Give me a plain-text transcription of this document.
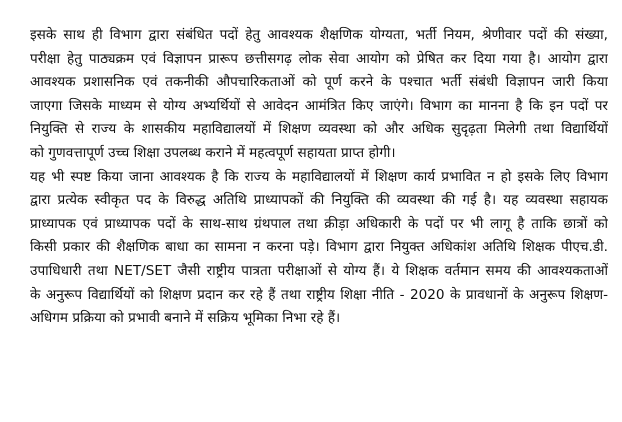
इसके साथ ही विभाग द्वारा संबंधित पदों हेतु आवश्यक शैक्षणिक योग्यता, भर्ती नियम, श्रेणीवार पदों की संख्या,
परीक्षा हेतु पाठ्यक्रम एवं विज्ञापन प्रारूप छत्तीसगढ़ लोक सेवा आयोग को प्रेषित कर दिया गया है। आयोग द्वारा
आवश्यक प्रशासनिक एवं तकनीकी औपचारिकताओं को पूर्ण करने के पश्चात भर्ती संबंधी विज्ञापन जारी किया
जाएगा जिसके माध्यम से योग्य अभ्यर्थियों से आवेदन आमंत्रित किए जाएंगे। विभाग का मानना है कि इन पदों पर
नियुक्ति से राज्य के शासकीय महाविद्यालयों में शिक्षण व्यवस्था को और अधिक सुदृढ़ता मिलेगी तथा विद्यार्थियों
को गुणवत्तापूर्ण उच्च शिक्षा उपलब्ध कराने में महत्वपूर्ण सहायता प्राप्त होगी।
यह भी स्पष्ट किया जाना आवश्यक है कि राज्य के महाविद्यालयों में शिक्षण कार्य प्रभावित न हो इसके लिए विभाग
द्वारा प्रत्येक स्वीकृत पद के विरुद्ध अतिथि प्राध्यापकों की नियुक्ति की व्यवस्था की गई है। यह व्यवस्था सहायक
प्राध्यापक एवं प्राध्यापक पदों के साथ-साथ ग्रंथपाल तथा क्रीड़ा अधिकारी के पदों पर भी लागू है ताकि छात्रों को
किसी प्रकार की शैक्षणिक बाधा का सामना न करना पड़े। विभाग द्वारा नियुक्त अधिकांश अतिथि शिक्षक पीएच.डी.
उपाधिधारी तथा NET/SET जैसी राष्ट्रीय पात्रता परीक्षाओं से योग्य हैं। ये शिक्षक वर्तमान समय की आवश्यकताओं
के अनुरूप विद्यार्थियों को शिक्षण प्रदान कर रहे हैं तथा राष्ट्रीय शिक्षा नीति - 2020 के प्रावधानों के अनुरूप शिक्षण-
अधिगम प्रक्रिया को प्रभावी बनाने में सक्रिय भूमिका निभा रहे हैं।
